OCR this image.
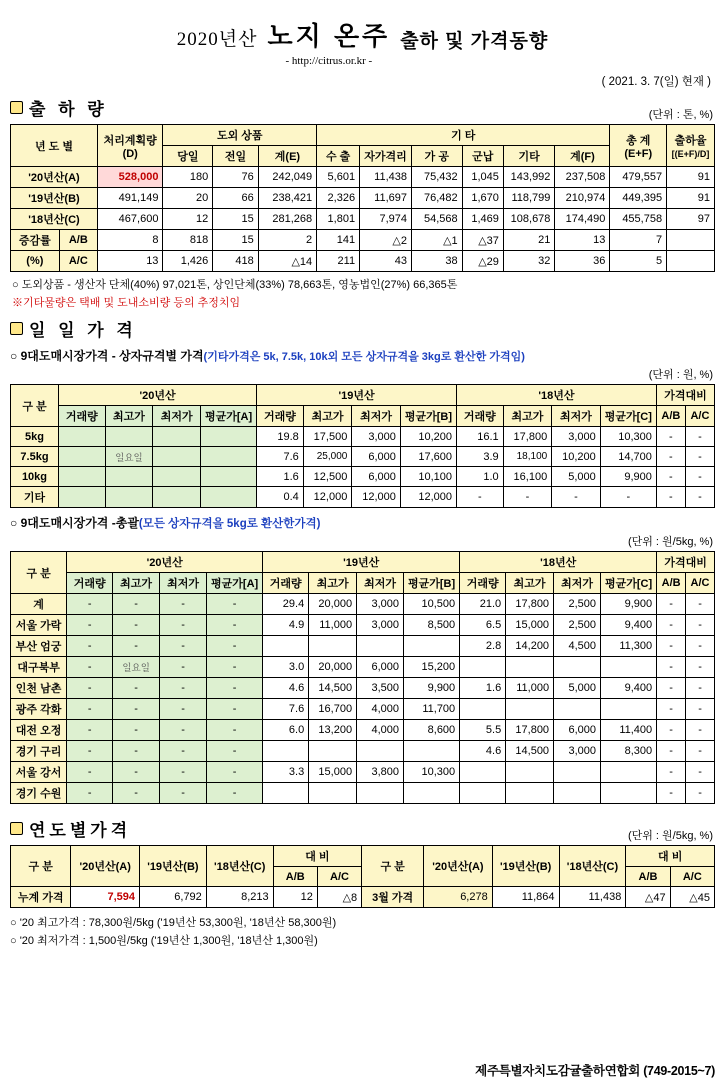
2020년산 노지 온주
- http://citrus.or.kr -
출하 및 가격동향
( 2021. 3. 7(일) 현재 )
출 하 량	(단위 : 톤, %)
년 도 별		처리계획량
(D)	도외 상품			기 타						총 계
(E+F)	출하율
[(E+F)/D]
			당일	전일	계(E)	수 출	자가격리	가 공	군납	기타	계(F)		
'20년산(A)		528,000	180	76	242,049	5,601	11,438	75,432	1,045	143,992	237,508	479,557	91
'19년산(B)		491,149	20	66	238,421	2,326	11,697	76,482	1,670	118,799	210,974	449,395	91
'18년산(C)		467,600	12	15	281,268	1,801	7,974	54,568	1,469	108,678	174,490	455,758	97
증감률	A/B	8	818	15	2	141	△2	△1	△37	21	13	7	
(%)	A/C	13	1,426	418	△14	211	43	38	△29	32	36	5	
○ 도외상품 - 생산자 단체(40%) 97,021톤, 상인단체(33%) 78,663톤, 영농법인(27%) 66,365톤
※기타물량은 택배 및 도내소비량 등의 추정치임
일 일 가 격
○ 9대도매시장가격 - 상자규격별 가격(기타가격은 5k, 7.5k, 10k외 모든 상자규격을 3kg로 환산한 가격임)
(단위 : 원, %)
구 분	'20년산				'19년산				'18년산				가격대비	
	거래량	최고가	최저가	평균가[A]	거래량	최고가	최저가	평균가[B]	거래량	최고가	최저가	평균가[C]	A/B	A/C
5kg					19.8	17,500	3,000	10,200	16.1	17,800	3,000	10,300	-	-
7.5kg		일요일			7.6	25,000	6,000	17,600	3.9	18,100	10,200	14,700	-	-
10kg					1.6	12,500	6,000	10,100	1.0	16,100	5,000	9,900	-	-
기타					0.4	12,000	12,000	12,000	-	-	-	-	-	-
○ 9대도매시장가격 -총괄(모든 상자규격을 5kg로 환산한가격)
(단위 : 원/5kg, %)
구 분	'20년산				'19년산				'18년산				가격대비	
	거래량	최고가	최저가	평균가[A]	거래량	최고가	최저가	평균가[B]	거래량	최고가	최저가	평균가[C]	A/B	A/C
계	-	-	-	-	29.4	20,000	3,000	10,500	21.0	17,800	2,500	9,900	-	-
서울 가락	-	-	-	-	4.9	11,000	3,000	8,500	6.5	15,000	2,500	9,400	-	-
부산 엄궁	-	-	-	-					2.8	14,200	4,500	11,300	-	-
대구북부	-	일요일	-	-	3.0	20,000	6,000	15,200					-	-
인천 남촌	-	-	-	-	4.6	14,500	3,500	9,900	1.6	11,000	5,000	9,400	-	-
광주 각화	-	-	-	-	7.6	16,700	4,000	11,700					-	-
대전 오정	-	-	-	-	6.0	13,200	4,000	8,600	5.5	17,800	6,000	11,400	-	-
경기 구리	-	-	-	-					4.6	14,500	3,000	8,300	-	-
서울 강서	-	-	-	-	3.3	15,000	3,800	10,300					-	-
경기 수원	-	-	-	-									-	-
연도별가격	(단위 : 원/5kg, %)
구 분	'20년산(A)	'19년산(B)	'18년산(C)	대 비		구 분	'20년산(A)	'19년산(B)	'18년산(C)	대 비	
				A/B	A/C					A/B	A/C
누계 가격	7,594	6,792	8,213	12	△8	3월 가격	6,278	11,864	11,438	△47	△45
○ '20 최고가격 : 78,300원/5kg ('19년산 53,300원, '18년산 58,300원)
○ '20 최저가격 : 1,500원/5kg ('19년산 1,300원, '18년산 1,300원)
제주특별자치도감귤출하연합회 (749-2015~7)
